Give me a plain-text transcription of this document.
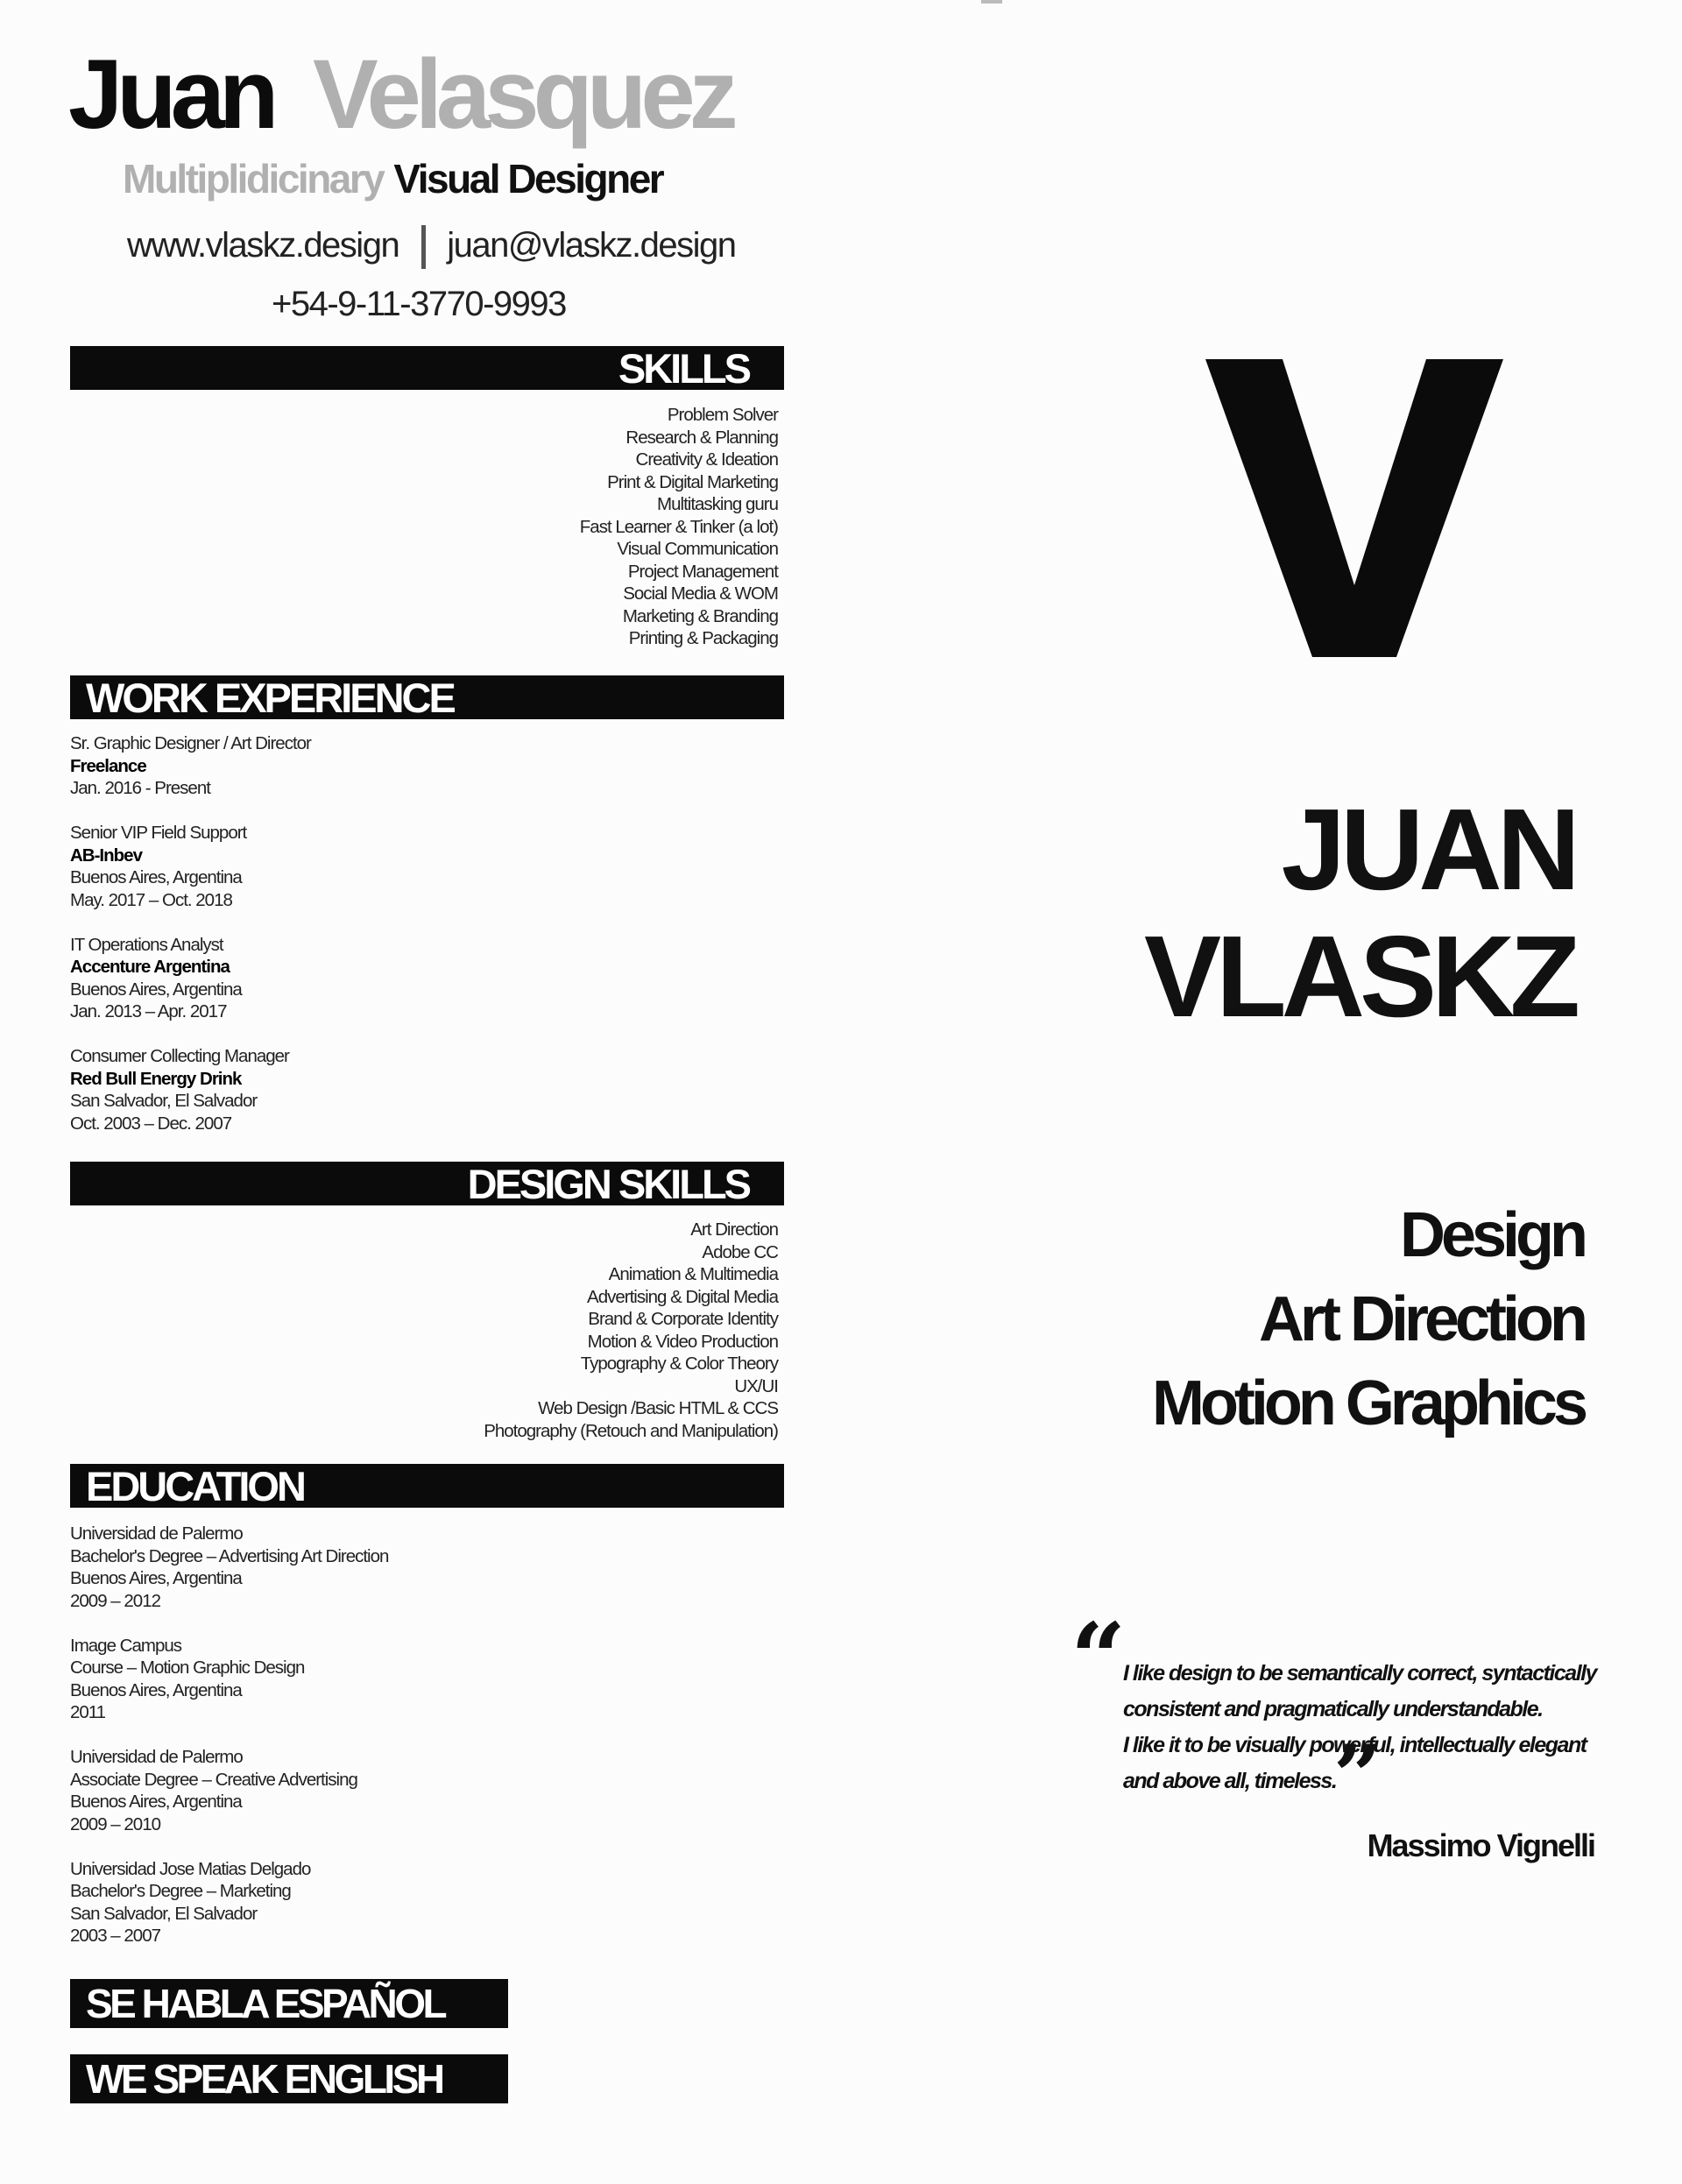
Juan Velasquez
Multiplidicinary Visual Designer
www.vlaskz.design juan@vlaskz.design
+54-9-11-3770-9993
SKILLS
Problem Solver
Research & Planning
Creativity & Ideation
Print & Digital Marketing
Multitasking guru
Fast Learner & Tinker (a lot)
Visual Communication
Project Management
Social Media & WOM
Marketing & Branding
Printing & Packaging
WORK EXPERIENCE
Sr. Graphic Designer / Art Director
Freelance
Jan. 2016 - Present
Senior VIP Field Support
AB-Inbev
Buenos Aires, Argentina
May. 2017 – Oct. 2018
IT Operations Analyst
Accenture Argentina
Buenos Aires, Argentina
Jan. 2013 – Apr. 2017
Consumer Collecting Manager
Red Bull Energy Drink
San Salvador, El Salvador
Oct. 2003 – Dec. 2007
DESIGN SKILLS
Art Direction
Adobe CC
Animation & Multimedia
Advertising & Digital Media
Brand & Corporate Identity
Motion & Video Production
Typography & Color Theory
UX/UI
Web Design /Basic HTML & CCS
Photography (Retouch and Manipulation)
EDUCATION
Universidad de Palermo
Bachelor's Degree – Advertising Art Direction
Buenos Aires, Argentina
2009 – 2012
Image Campus
Course – Motion Graphic Design
Buenos Aires, Argentina
2011
Universidad de Palermo
Associate Degree – Creative Advertising
Buenos Aires, Argentina
2009 – 2010
Universidad Jose Matias Delgado
Bachelor's Degree – Marketing
San Salvador, El Salvador
2003 – 2007
SE HABLA ESPAÑOL
WE SPEAK ENGLISH
JUAN
VLASKZ
Design
Art Direction
Motion Graphics
“
I like design to be semantically correct, syntactically
consistent and pragmatically understandable.
I like it to be visually powerful, intellectually elegant
and above all, timeless.
”
Massimo Vignelli
